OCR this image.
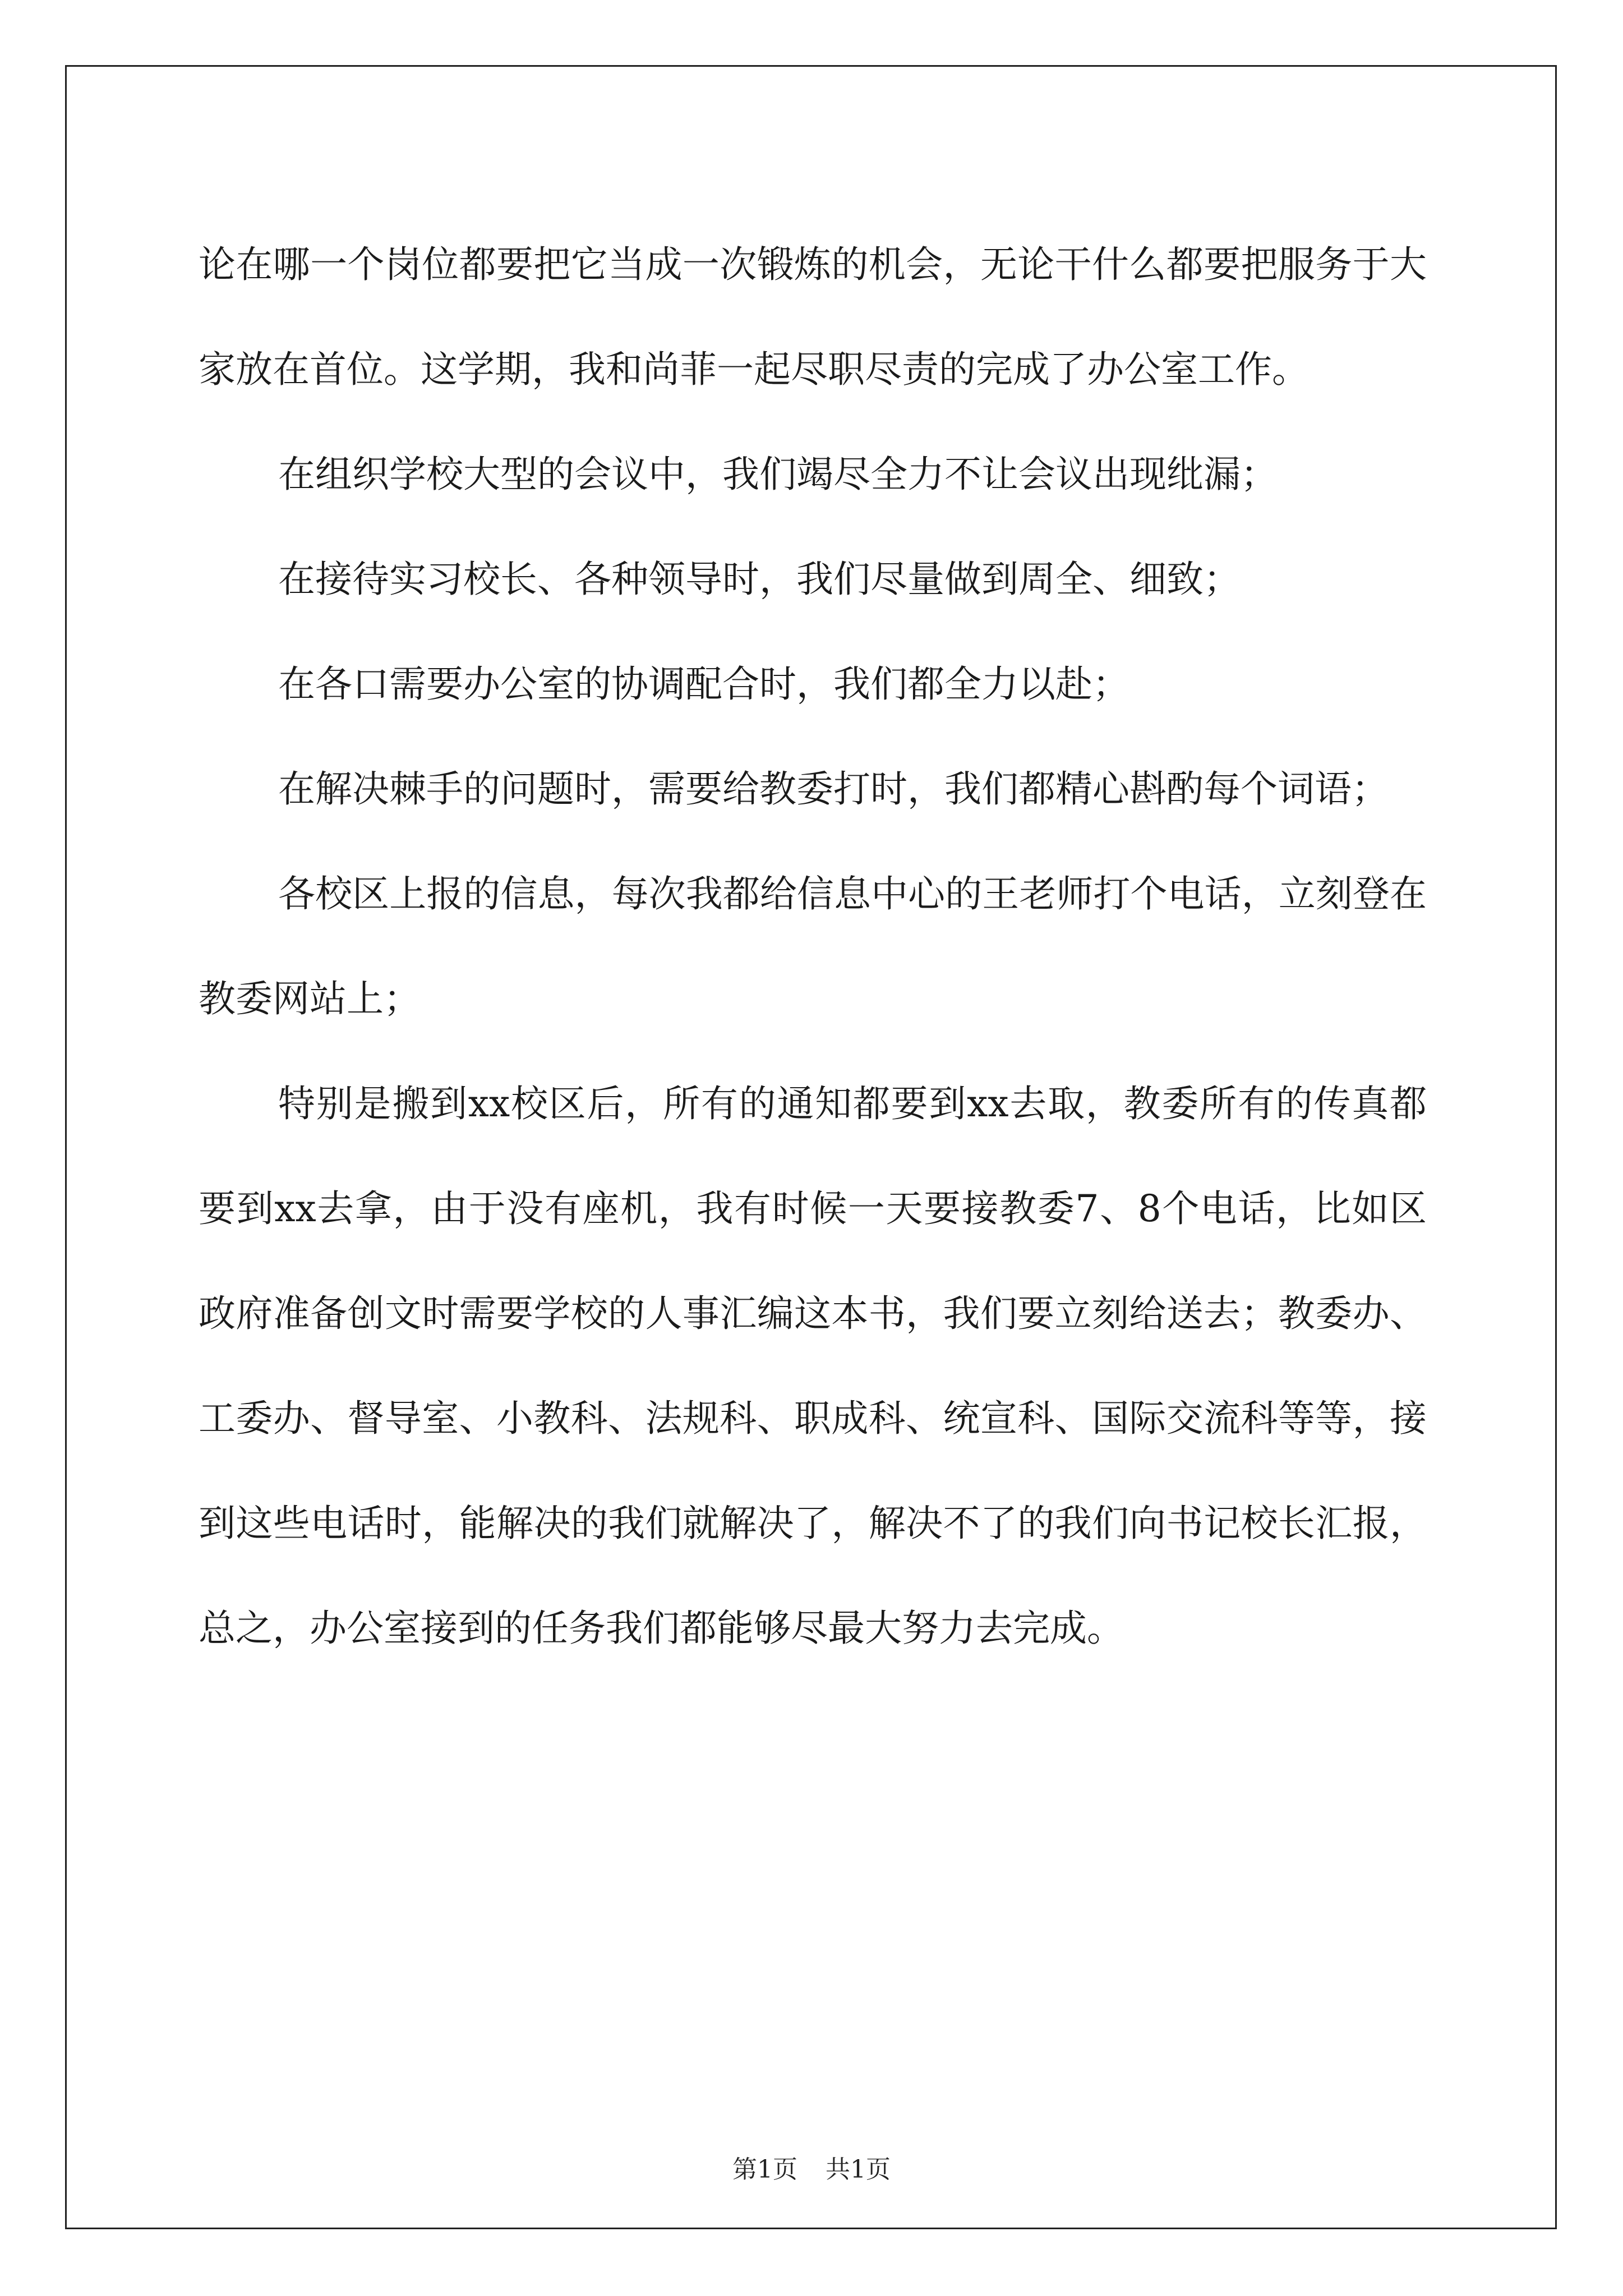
论在哪一个岗位都要把它当成一次锻炼的机会，无论干什么都要把服务于大家放在首位。这学期，我和尚菲一起尽职尽责的完成了办公室工作。

在组织学校大型的会议中，我们竭尽全力不让会议出现纰漏；

在接待实习校长、各种领导时，我们尽量做到周全、细致；

在各口需要办公室的协调配合时，我们都全力以赴；

在解决棘手的问题时，需要给教委打时，我们都精心斟酌每个词语；

各校区上报的信息，每次我都给信息中心的王老师打个电话，立刻登在教委网站上；

特别是搬到xx校区后，所有的通知都要到xx去取，教委所有的传真都要到xx去拿，由于没有座机，我有时候一天要接教委7、8个电话，比如区政府准备创文时需要学校的人事汇编这本书，我们要立刻给送去；教委办、工委办、督导室、小教科、法规科、职成科、统宣科、国际交流科等等，接到这些电话时，能解决的我们就解决了，解决不了的我们向书记校长汇报，总之，办公室接到的任务我们都能够尽最大努力去完成。

第1页 共1页
